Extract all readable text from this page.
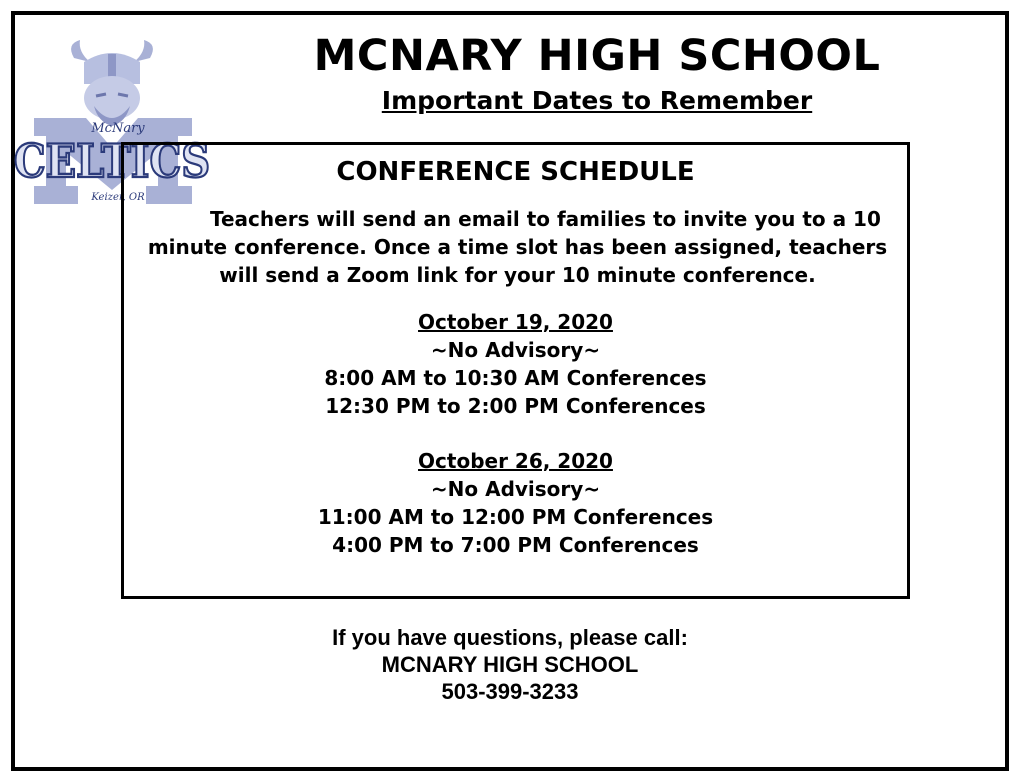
CELTICS
McNary
Keizer, OR
MCNARY HIGH SCHOOL
Important Dates to Remember
CONFERENCE SCHEDULE
Teachers will send an email to families to invite you to a 10
minute conference. Once a time slot has been assigned, teachers
will send a Zoom link for your 10 minute conference.
October 19, 2020
~No Advisory~
8:00 AM to 10:30 AM Conferences
12:30 PM to 2:00 PM Conferences
October 26, 2020
~No Advisory~
11:00 AM to 12:00 PM Conferences
4:00 PM to 7:00 PM Conferences
If you have questions, please call:
MCNARY HIGH SCHOOL
503-399-3233
